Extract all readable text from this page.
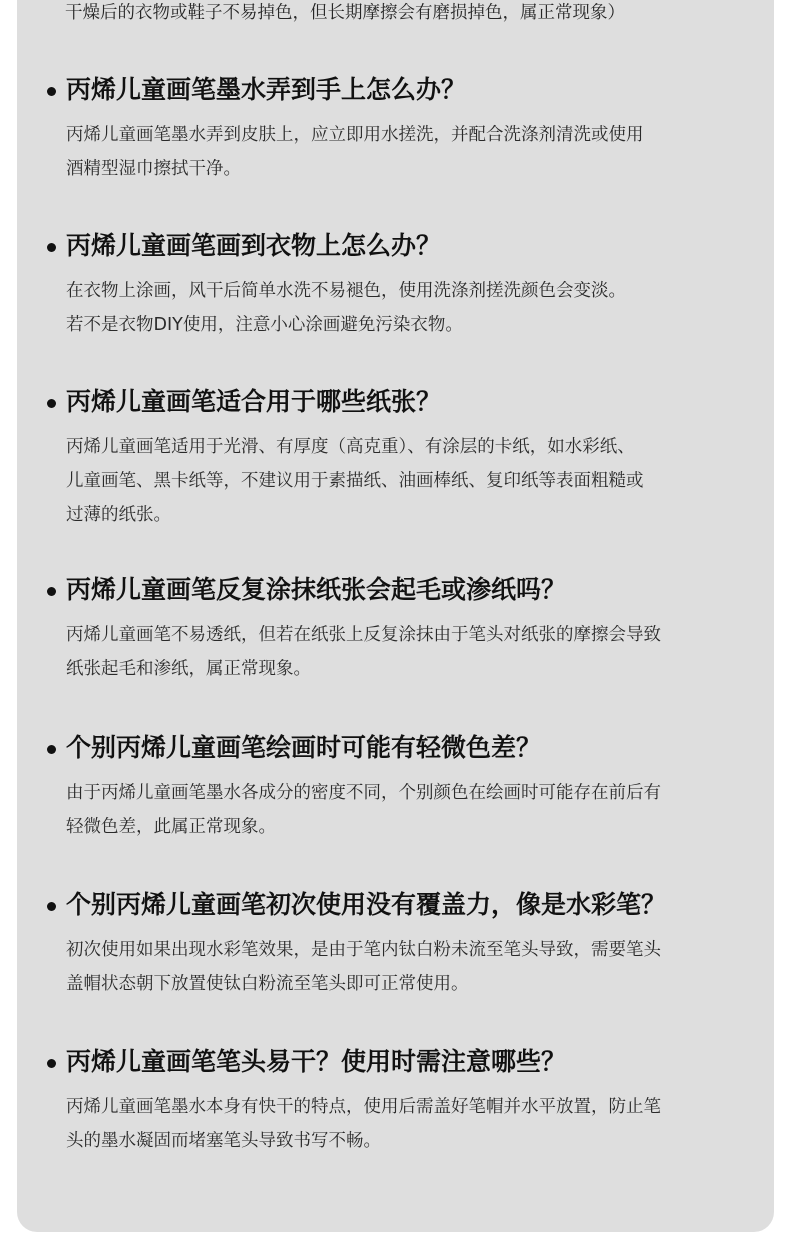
干燥后的衣物或鞋子不易掉色，但长期摩擦会有磨损掉色，属正常现象）

丙烯儿童画笔墨水弄到手上怎么办？

丙烯儿童画笔墨水弄到皮肤上，应立即用水搓洗，并配合洗涤剂清洗或使用
酒精型湿巾擦拭干净。

丙烯儿童画笔画到衣物上怎么办？

在衣物上涂画，风干后简单水洗不易褪色，使用洗涤剂搓洗颜色会变淡。
若不是衣物DIY使用，注意小心涂画避免污染衣物。

丙烯儿童画笔适合用于哪些纸张？

丙烯儿童画笔适用于光滑、有厚度（高克重）、有涂层的卡纸，如水彩纸、
儿童画笔、黑卡纸等，不建议用于素描纸、油画棒纸、复印纸等表面粗糙或
过薄的纸张。

丙烯儿童画笔反复涂抹纸张会起毛或渗纸吗？

丙烯儿童画笔不易透纸，但若在纸张上反复涂抹由于笔头对纸张的摩擦会导致
纸张起毛和渗纸，属正常现象。

个别丙烯儿童画笔绘画时可能有轻微色差？

由于丙烯儿童画笔墨水各成分的密度不同，个别颜色在绘画时可能存在前后有
轻微色差，此属正常现象。

个别丙烯儿童画笔初次使用没有覆盖力，像是水彩笔？

初次使用如果出现水彩笔效果，是由于笔内钛白粉未流至笔头导致，需要笔头
盖帽状态朝下放置使钛白粉流至笔头即可正常使用。

丙烯儿童画笔笔头易干？使用时需注意哪些？

丙烯儿童画笔墨水本身有快干的特点，使用后需盖好笔帽并水平放置，防止笔
头的墨水凝固而堵塞笔头导致书写不畅。
